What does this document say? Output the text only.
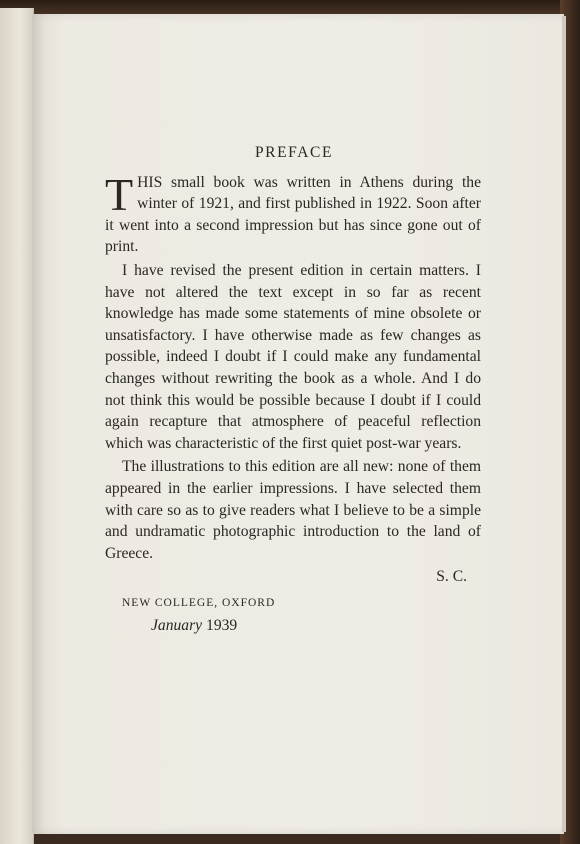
PREFACE

THIS small book was written in Athens during the winter of 1921, and first published in 1922. Soon after it went into a second impression but has since gone out of print.

I have revised the present edition in certain matters. I have not altered the text except in so far as recent knowledge has made some statements of mine obsolete or unsatisfactory. I have otherwise made as few changes as possible, indeed I doubt if I could make any fundamental changes without rewriting the book as a whole. And I do not think this would be possible because I doubt if I could again recapture that atmosphere of peaceful reflection which was characteristic of the first quiet post-war years.

The illustrations to this edition are all new: none of them appeared in the earlier impressions. I have selected them with care so as to give readers what I believe to be a simple and undramatic photographic introduction to the land of Greece.

S. C.
NEW COLLEGE, OXFORD
January 1939
